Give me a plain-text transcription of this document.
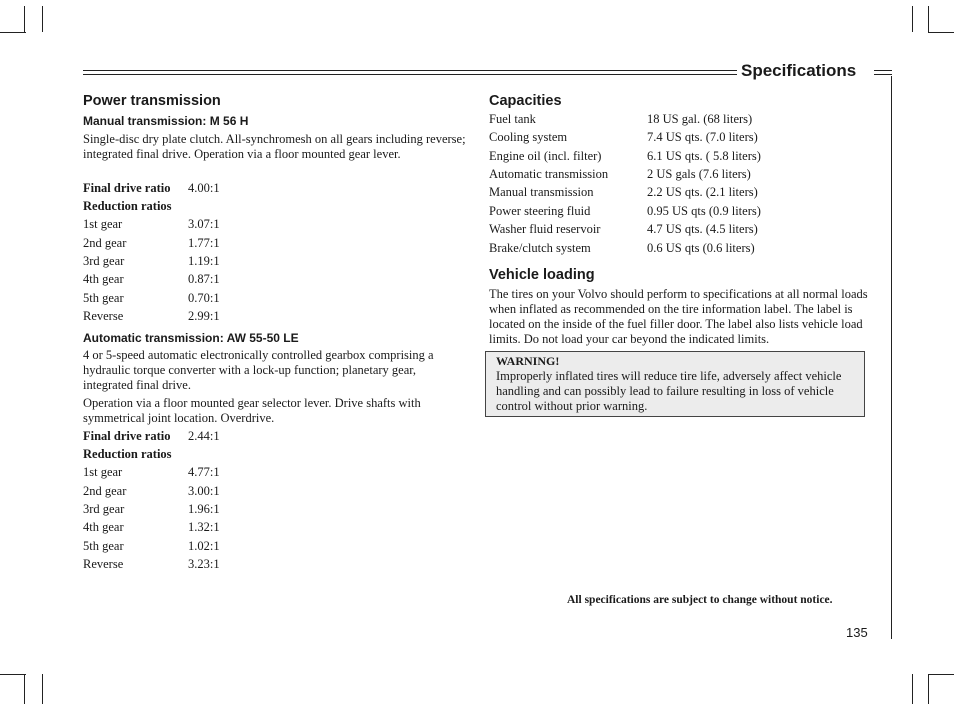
Specifications
Power transmission
Manual transmission: M 56 H
Single-disc dry plate clutch. All-synchromesh on all gears including reverse; integrated final drive. Operation via a floor mounted gear lever.
Final drive ratio 4.00:1
Reduction ratios
1st gear	3.07:1
2nd gear	1.77:1
3rd gear	1.19:1
4th gear	0.87:1
5th gear	0.70:1
Reverse	2.99:1
Automatic transmission: AW 55-50 LE
4 or 5-speed automatic electronically controlled gearbox comprising a hydraulic torque converter with a lock-up function; planetary gear, integrated final drive.
Operation via a floor mounted gear selector lever. Drive shafts with symmetrical joint location. Overdrive.
Final drive ratio 2.44:1
Reduction ratios
1st gear	4.77:1
2nd gear	3.00:1
3rd gear	1.96:1
4th gear	1.32:1
5th gear	1.02:1
Reverse	3.23:1
Capacities
Fuel tank	18 US gal. (68 liters)
Cooling system	7.4 US qts. (7.0 liters)
Engine oil (incl. filter)	6.1 US qts. ( 5.8 liters)
Automatic transmission	2 US gals (7.6 liters)
Manual transmission	2.2 US qts. (2.1 liters)
Power steering fluid	0.95 US qts (0.9 liters)
Washer fluid reservoir	4.7 US qts. (4.5 liters)
Brake/clutch system	0.6 US qts (0.6 liters)
Vehicle loading
The tires on your Volvo should perform to specifications at all normal loads when inflated as recommended on the tire information label. The label is located on the inside of the fuel filler door. The label also lists vehicle load limits. Do not load your car beyond the indicated limits.
WARNING!
Improperly inflated tires will reduce tire life, adversely affect vehicle handling and can possibly lead to failure resulting in loss of vehicle control without prior warning.
All specifications are subject to change without notice.
135
